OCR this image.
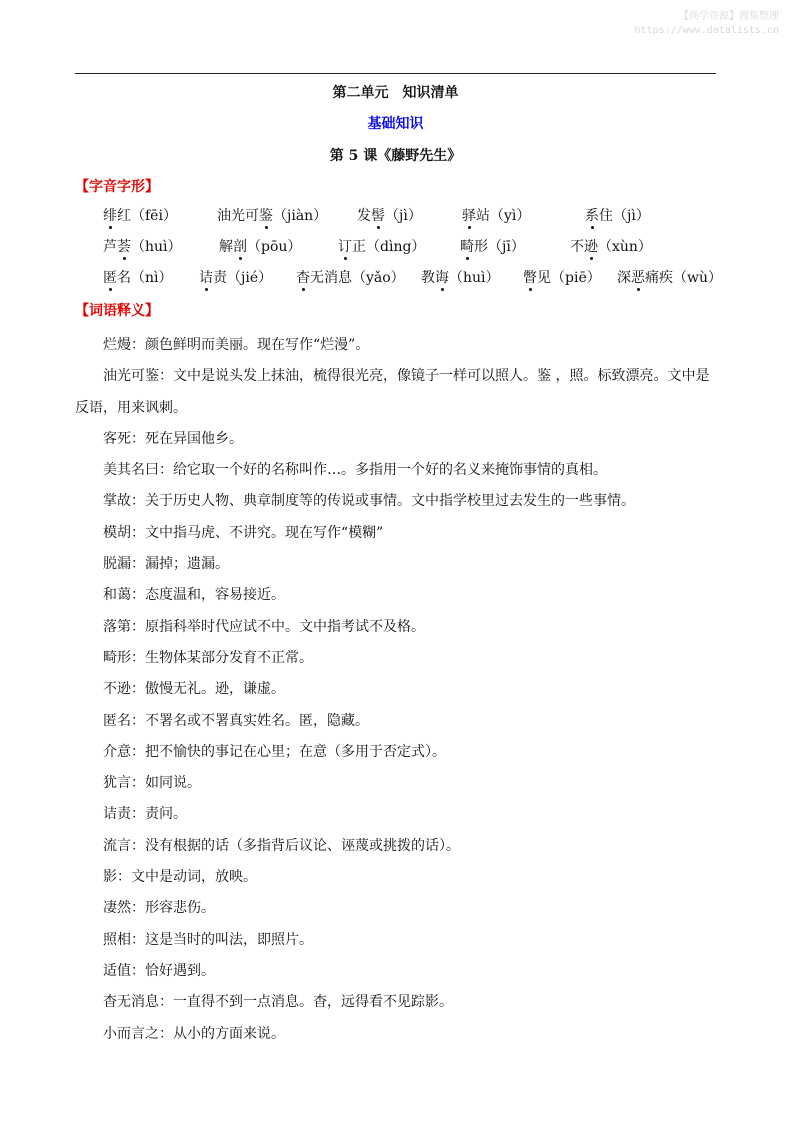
【尚学资源】搜集整理
https://www.datalists.cn
第二单元　知识清单
基础知识
第 5 课《藤野先生》
【字音字形】
绯红（fēi）	油光可鉴（jiàn） 发髻（jì）	驿站（yì）	系住（jì）
芦荟（huì）	解剖（pōu）	订正（dìng） 畸形（jī）	不逊（xùn）
匿名（nì） 诘责（jié） 杳无消息（yǎo） 教诲（huì） 瞥见（piē） 深恶痛疾（wù）
【词语释义】

烂熳：颜色鲜明而美丽。现在写作“烂漫”。

油光可鉴：文中是说头发上抹油，梳得很光亮，像镜子一样可以照人。鉴 ，照。标致漂亮。文中是反语，用来讽刺。

客死：死在异国他乡。

美其名曰：给它取一个好的名称叫作…。多指用一个好的名义来掩饰事情的真相。

掌故：关于历史人物、典章制度等的传说或事情。文中指学校里过去发生的一些事情。

模胡：文中指马虎、不讲究。现在写作“模糊”

脱漏：漏掉；遗漏。

和蔼：态度温和，容易接近。

落第：原指科举时代应试不中。文中指考试不及格。

畸形：生物体某部分发育不正常。

不逊：傲慢无礼。逊，谦虚。

匿名：不署名或不署真实姓名。匿，隐藏。

介意：把不愉快的事记在心里；在意（多用于否定式）。

犹言：如同说。

诘责：责问。

流言：没有根据的话（多指背后议论、诬蔑或挑拨的话）。

影：文中是动词，放映。

凄然：形容悲伤。

照相：这是当时的叫法，即照片。

适值：恰好遇到。

杳无消息：一直得不到一点消息。杳，远得看不见踪影。

小而言之：从小的方面来说。
